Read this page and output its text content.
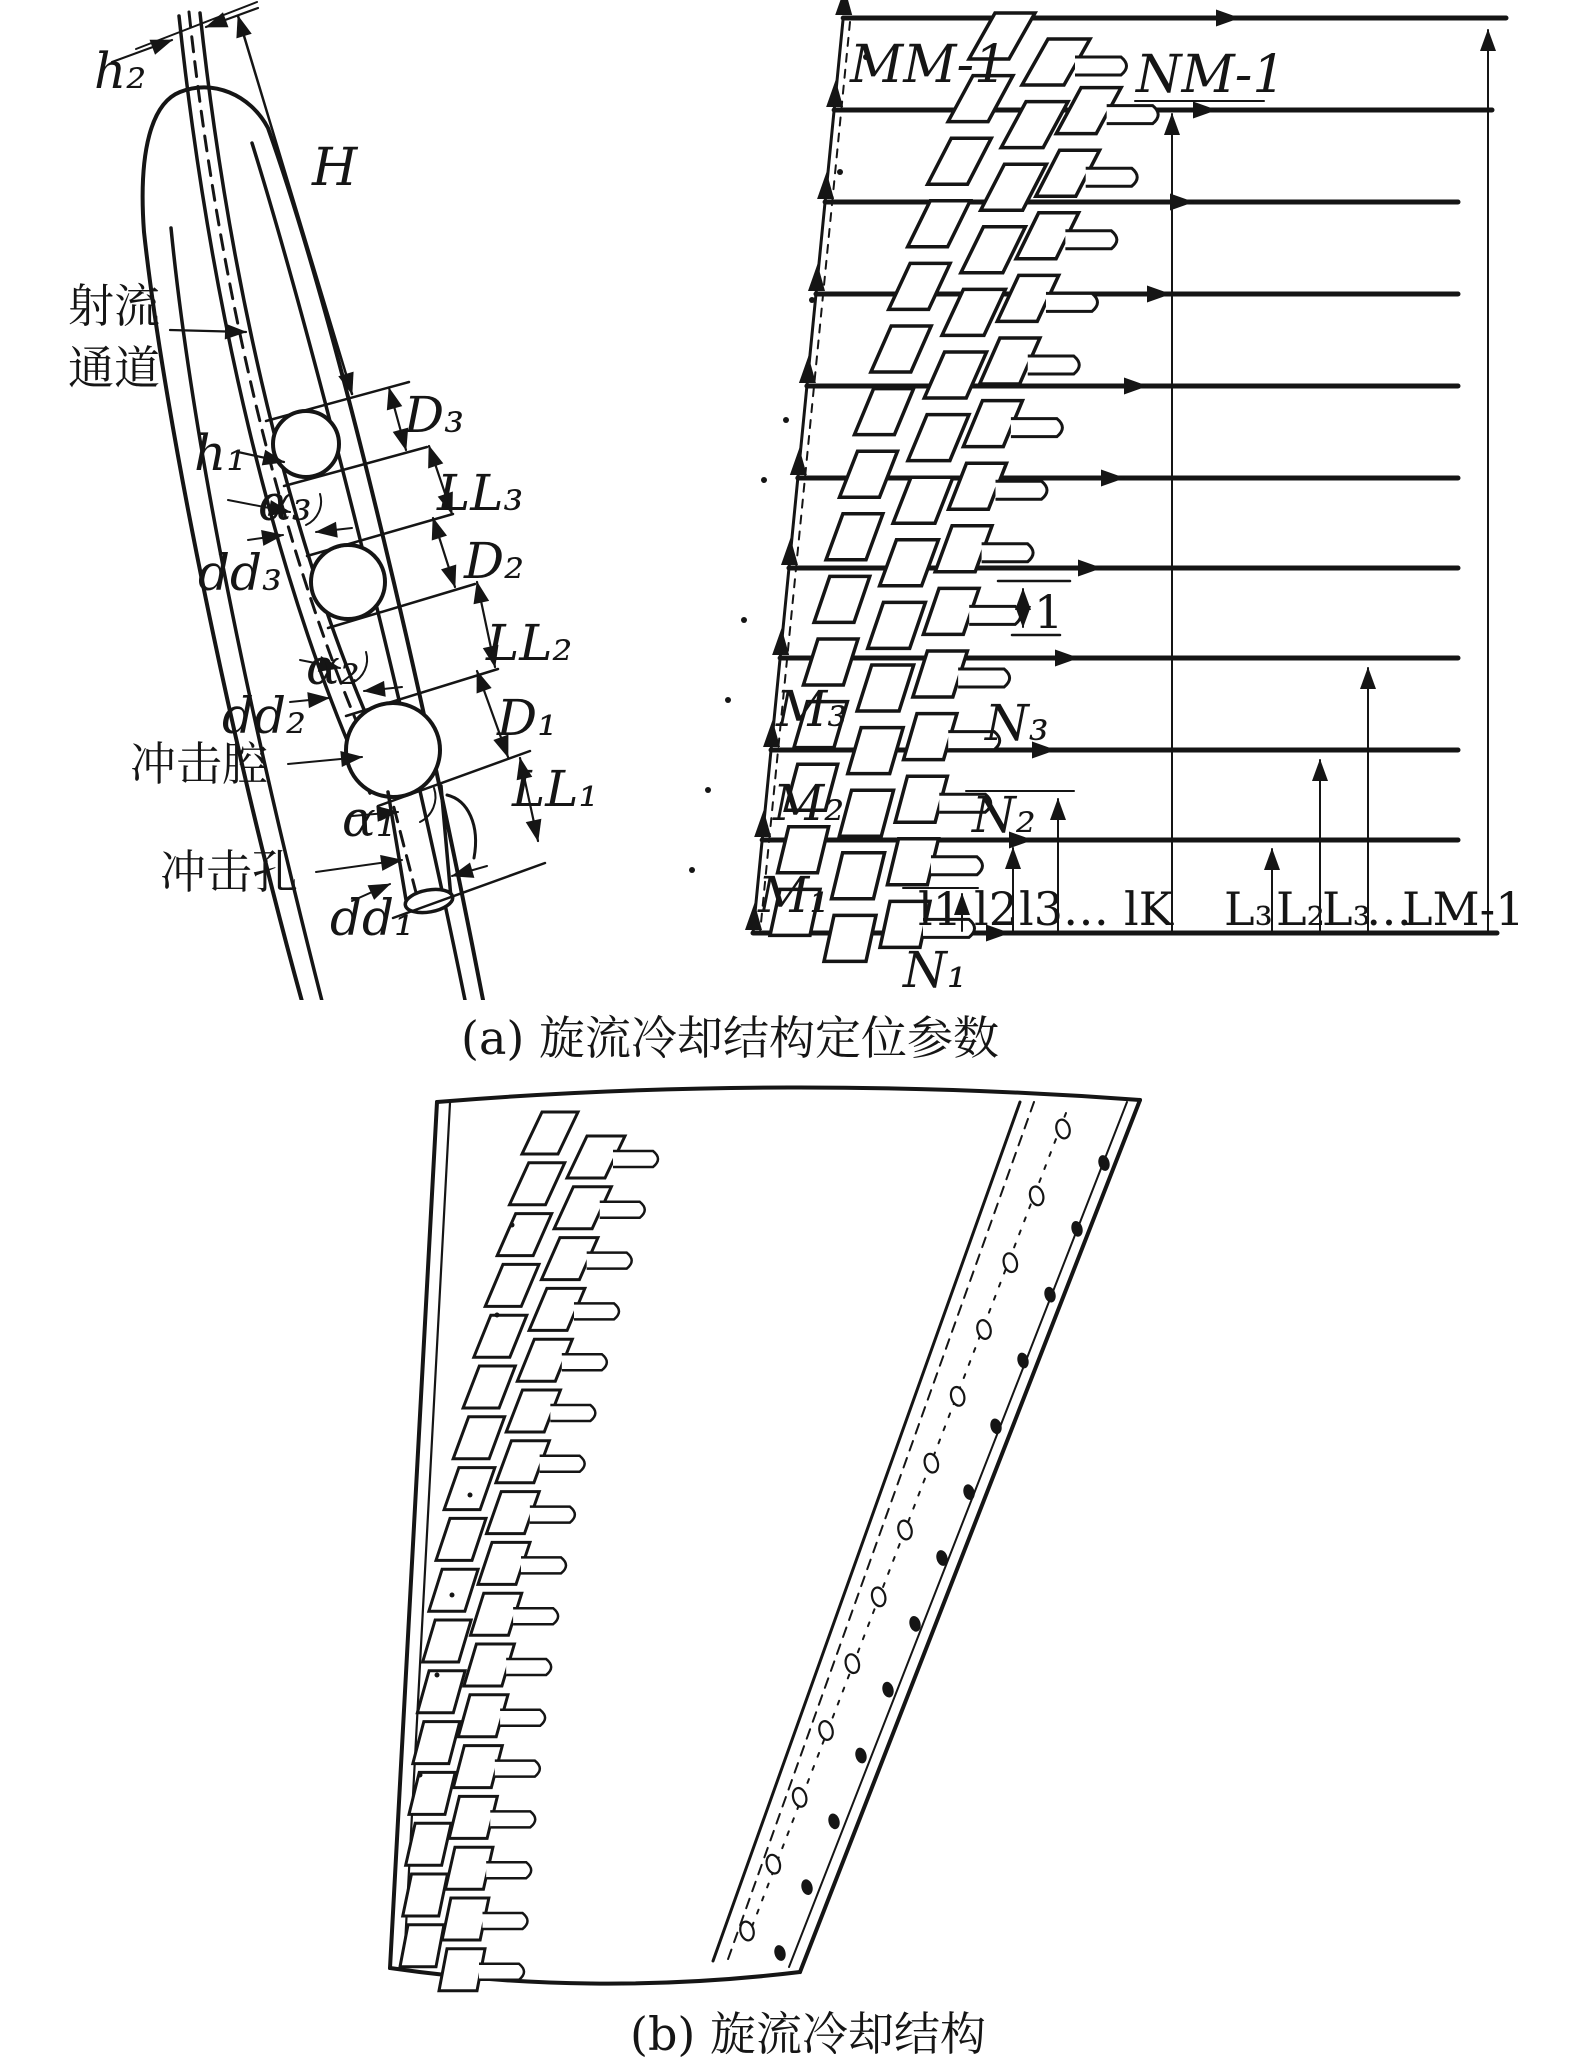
h₂
H
射流
通道
h₁
D₃
LL₃
D₂
LL₂
D₁
LL₁
α₃
α₂
α₁
dd₃
dd₂
dd₁
冲击腔
冲击孔
MM-1 NM-1
M₃
M₂
M₁
N₃
N₂
N₁
1
l1 l2 l3 … lK L₃ L₂
L₃
…
LM-1
(a) 旋流冷却结构定位参数
(b) 旋流冷却结构
